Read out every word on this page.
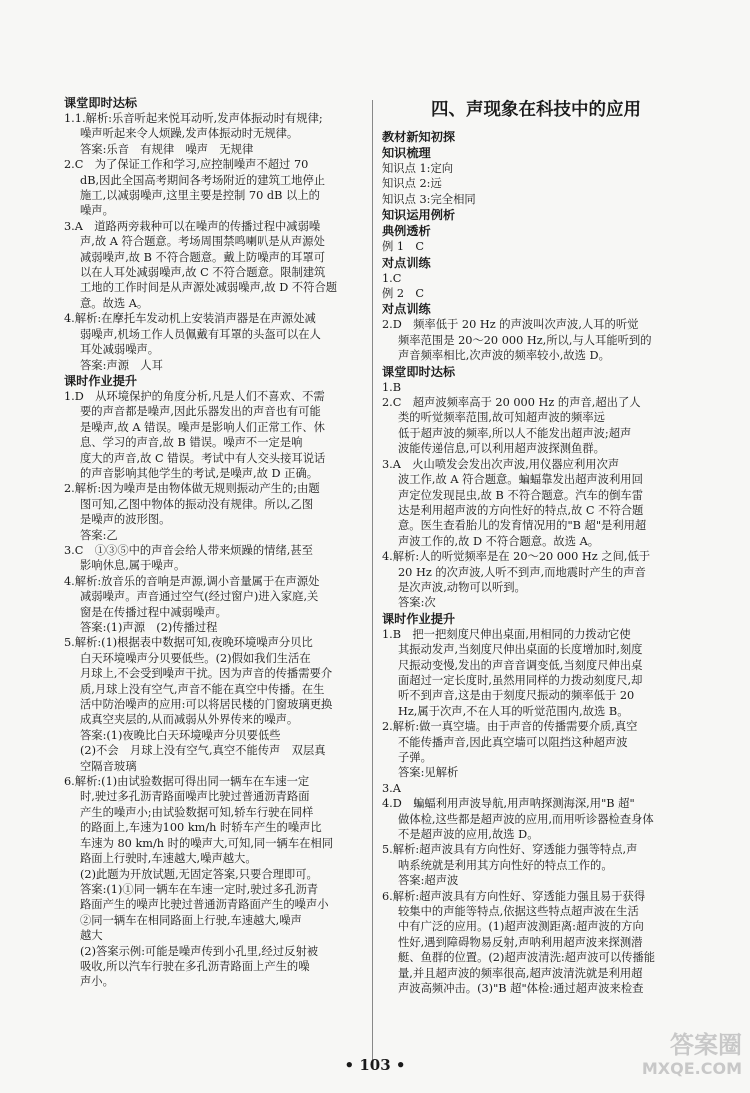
课堂即时达标
1.1.解析:乐音听起来悦耳动听,发声体振动时有规律;
噪声听起来令人烦躁,发声体振动时无规律。
答案:乐音　有规律　噪声　无规律
2.C　为了保证工作和学习,应控制噪声不超过 70
dB,因此全国高考期间各考场附近的建筑工地停止
施工,以减弱噪声,这里主要是控制 70 dB 以上的
噪声。
3.A　道路两旁栽种可以在噪声的传播过程中减弱噪
声,故 A 符合题意。考场周围禁鸣喇叭是从声源处
减弱噪声,故 B 不符合题意。戴上防噪声的耳罩可
以在人耳处减弱噪声,故 C 不符合题意。限制建筑
工地的工作时间是从声源处减弱噪声,故 D 不符合题
意。故选 A。
4.解析:在摩托车发动机上安装消声器是在声源处减
弱噪声,机场工作人员佩戴有耳罩的头盔可以在人
耳处减弱噪声。
答案:声源　人耳
课时作业提升
1.D　从环境保护的角度分析,凡是人们不喜欢、不需
要的声音都是噪声,因此乐器发出的声音也有可能
是噪声,故 A 错误。噪声是影响人们正常工作、休
息、学习的声音,故 B 错误。噪声不一定是响
度大的声音,故 C 错误。考试中有人交头接耳说话
的声音影响其他学生的考试,是噪声,故 D 正确。
2.解析:因为噪声是由物体做无规则振动产生的;由题
图可知,乙图中物体的振动没有规律。所以,乙图
是噪声的波形图。
答案:乙
3.C　①③⑤中的声音会给人带来烦躁的情绪,甚至
影响休息,属于噪声。
4.解析:放音乐的音响是声源,调小音量属于在声源处
减弱噪声。声音通过空气(经过窗户)进入家庭,关
窗是在传播过程中减弱噪声。
答案:(1)声源　(2)传播过程
5.解析:(1)根据表中数据可知,夜晚环境噪声分贝比
白天环境噪声分贝要低些。(2)假如我们生活在
月球上,不会受到噪声干扰。因为声音的传播需要介
质,月球上没有空气,声音不能在真空中传播。在生
活中防治噪声的应用:可以将居民楼的门窗玻璃更换
成真空夹层的,从而减弱从外界传来的噪声。
答案:(1)夜晚比白天环境噪声分贝要低些
(2)不会　月球上没有空气,真空不能传声　双层真
空隔音玻璃
6.解析:(1)由试验数据可得出同一辆车在车速一定
时,驶过多孔沥青路面噪声比驶过普通沥青路面
产生的噪声小;由试验数据可知,轿车行驶在同样
的路面上,车速为100 km/h 时轿车产生的噪声比
车速为 80 km/h 时的噪声大,可知,同一辆车在相同
路面上行驶时,车速越大,噪声越大。
(2)此题为开放试题,无固定答案,只要合理即可。
答案:(1)①同一辆车在车速一定时,驶过多孔沥青
路面产生的噪声比驶过普通沥青路面产生的噪声小
②同一辆车在相同路面上行驶,车速越大,噪声
越大
(2)答案示例:可能是噪声传到小孔里,经过反射被
吸收,所以汽车行驶在多孔沥青路面上产生的噪
声小。
四、声现象在科技中的应用
教材新知初探
知识梳理
知识点 1:定向
知识点 2:远
知识点 3:完全相同
知识运用例析
典例透析
例 1　C
对点训练
1.C
例 2　C
对点训练
2.D　频率低于 20 Hz 的声波叫次声波,人耳的听觉
频率范围是 20～20 000 Hz,所以,与人耳能听到的
声音频率相比,次声波的频率较小,故选 D。
课堂即时达标
1.B
2.C　超声波频率高于 20 000 Hz 的声音,超出了人
类的听觉频率范围,故可知超声波的频率远
低于超声波的频率,所以人不能发出超声波;超声
波能传递信息,可以利用超声波探测鱼群。
3.A　火山喷发会发出次声波,用仪器应利用次声
波工作,故 A 符合题意。蝙蝠靠发出超声波利用回
声定位发现昆虫,故 B 不符合题意。汽车的倒车雷
达是利用超声波的方向性好的特点,故 C 不符合题
意。医生查看胎儿的发育情况用的"B 超"是利用超
声波工作的,故 D 不符合题意。故选 A。
4.解析:人的听觉频率是在 20～20 000 Hz 之间,低于
20 Hz 的次声波,人听不到声,而地震时产生的声音
是次声波,动物可以听到。
答案:次
课时作业提升
1.B　把一把刻度尺伸出桌面,用相同的力拨动它使
其振动发声,当刻度尺伸出桌面的长度增加时,刻度
尺振动变慢,发出的声音音调变低,当刻度尺伸出桌
面超过一定长度时,虽然用同样的力拨动刻度尺,却
听不到声音,这是由于刻度尺振动的频率低于 20
Hz,属于次声,不在人耳的听觉范围内,故选 B。
2.解析:做一真空墙。由于声音的传播需要介质,真空
不能传播声音,因此真空墙可以阻挡这种超声波
子弹。
答案:见解析
3.A
4.D　蝙蝠利用声波导航,用声呐探测海深,用"B 超"
做体检,这些都是超声波的应用,而用听诊器检查身体
不是超声波的应用,故选 D。
5.解析:超声波具有方向性好、穿透能力强等特点,声
呐系统就是利用其方向性好的特点工作的。
答案:超声波
6.解析:超声波具有方向性好、穿透能力强且易于获得
较集中的声能等特点,依据这些特点超声波在生活
中有广泛的应用。(1)超声波测距离:超声波的方向
性好,遇到障碍物易反射,声呐利用超声波来探测潜
艇、鱼群的位置。(2)超声波清洗:超声波可以传播能
量,并且超声波的频率很高,超声波清洗就是利用超
声波高频冲击。(3)"B 超"体检:通过超声波来检查
• 103 •
答案圈
MXQE.COM
